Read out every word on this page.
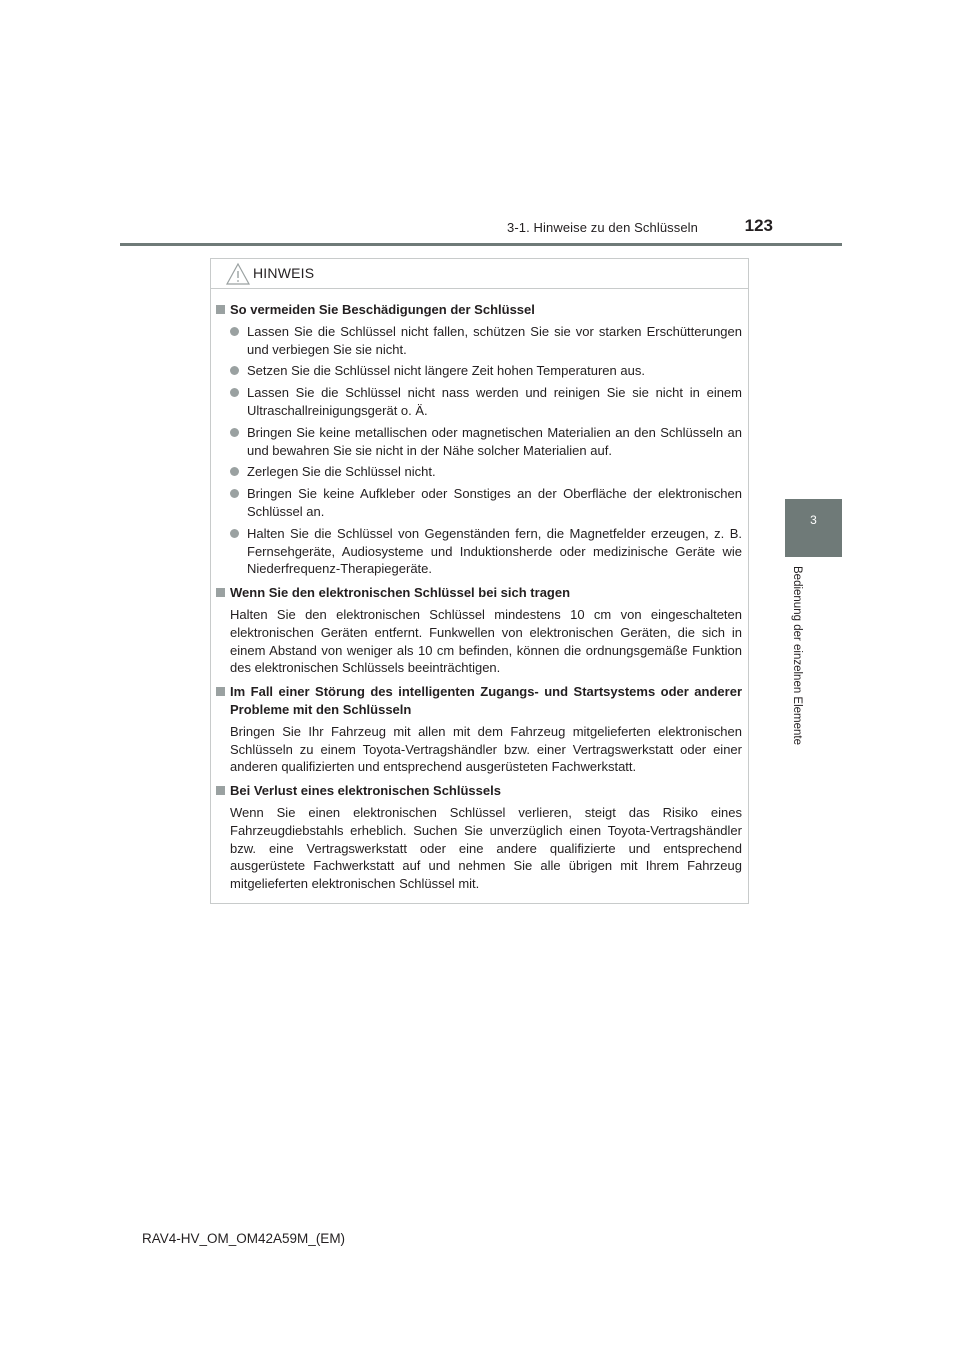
3-1. Hinweise zu den Schlüsseln	123
3
Bedienung der einzelnen Elemente
HINWEIS
So vermeiden Sie Beschädigungen der Schlüssel
Lassen Sie die Schlüssel nicht fallen, schützen Sie sie vor starken Erschütterungen und verbiegen Sie sie nicht.
Setzen Sie die Schlüssel nicht längere Zeit hohen Temperaturen aus.
Lassen Sie die Schlüssel nicht nass werden und reinigen Sie sie nicht in einem Ultraschallreinigungsgerät o. Ä.
Bringen Sie keine metallischen oder magnetischen Materialien an den Schlüsseln an und bewahren Sie sie nicht in der Nähe solcher Materialien auf.
Zerlegen Sie die Schlüssel nicht.
Bringen Sie keine Aufkleber oder Sonstiges an der Oberfläche der elektronischen Schlüssel an.
Halten Sie die Schlüssel von Gegenständen fern, die Magnetfelder erzeugen, z. B. Fernsehgeräte, Audiosysteme und Induktionsherde oder medizinische Geräte wie Niederfrequenz-Therapiegeräte.
Wenn Sie den elektronischen Schlüssel bei sich tragen
Halten Sie den elektronischen Schlüssel mindestens 10 cm von eingeschalteten elektronischen Geräten entfernt. Funkwellen von elektronischen Geräten, die sich in einem Abstand von weniger als 10 cm befinden, können die ordnungsgemäße Funktion des elektronischen Schlüssels beeinträchtigen.
Im Fall einer Störung des intelligenten Zugangs- und Startsystems oder anderer Probleme mit den Schlüsseln
Bringen Sie Ihr Fahrzeug mit allen mit dem Fahrzeug mitgelieferten elektronischen Schlüsseln zu einem Toyota-Vertragshändler bzw. einer Vertragswerkstatt oder einer anderen qualifizierten und entsprechend ausgerüsteten Fachwerkstatt.
Bei Verlust eines elektronischen Schlüssels
Wenn Sie einen elektronischen Schlüssel verlieren, steigt das Risiko eines Fahrzeugdiebstahls erheblich. Suchen Sie unverzüglich einen Toyota-Vertragshändler bzw. eine Vertragswerkstatt oder eine andere qualifizierte und entsprechend ausgerüstete Fachwerkstatt auf und nehmen Sie alle übrigen mit Ihrem Fahrzeug mitgelieferten elektronischen Schlüssel mit.
RAV4-HV_OM_OM42A59M_(EM)
